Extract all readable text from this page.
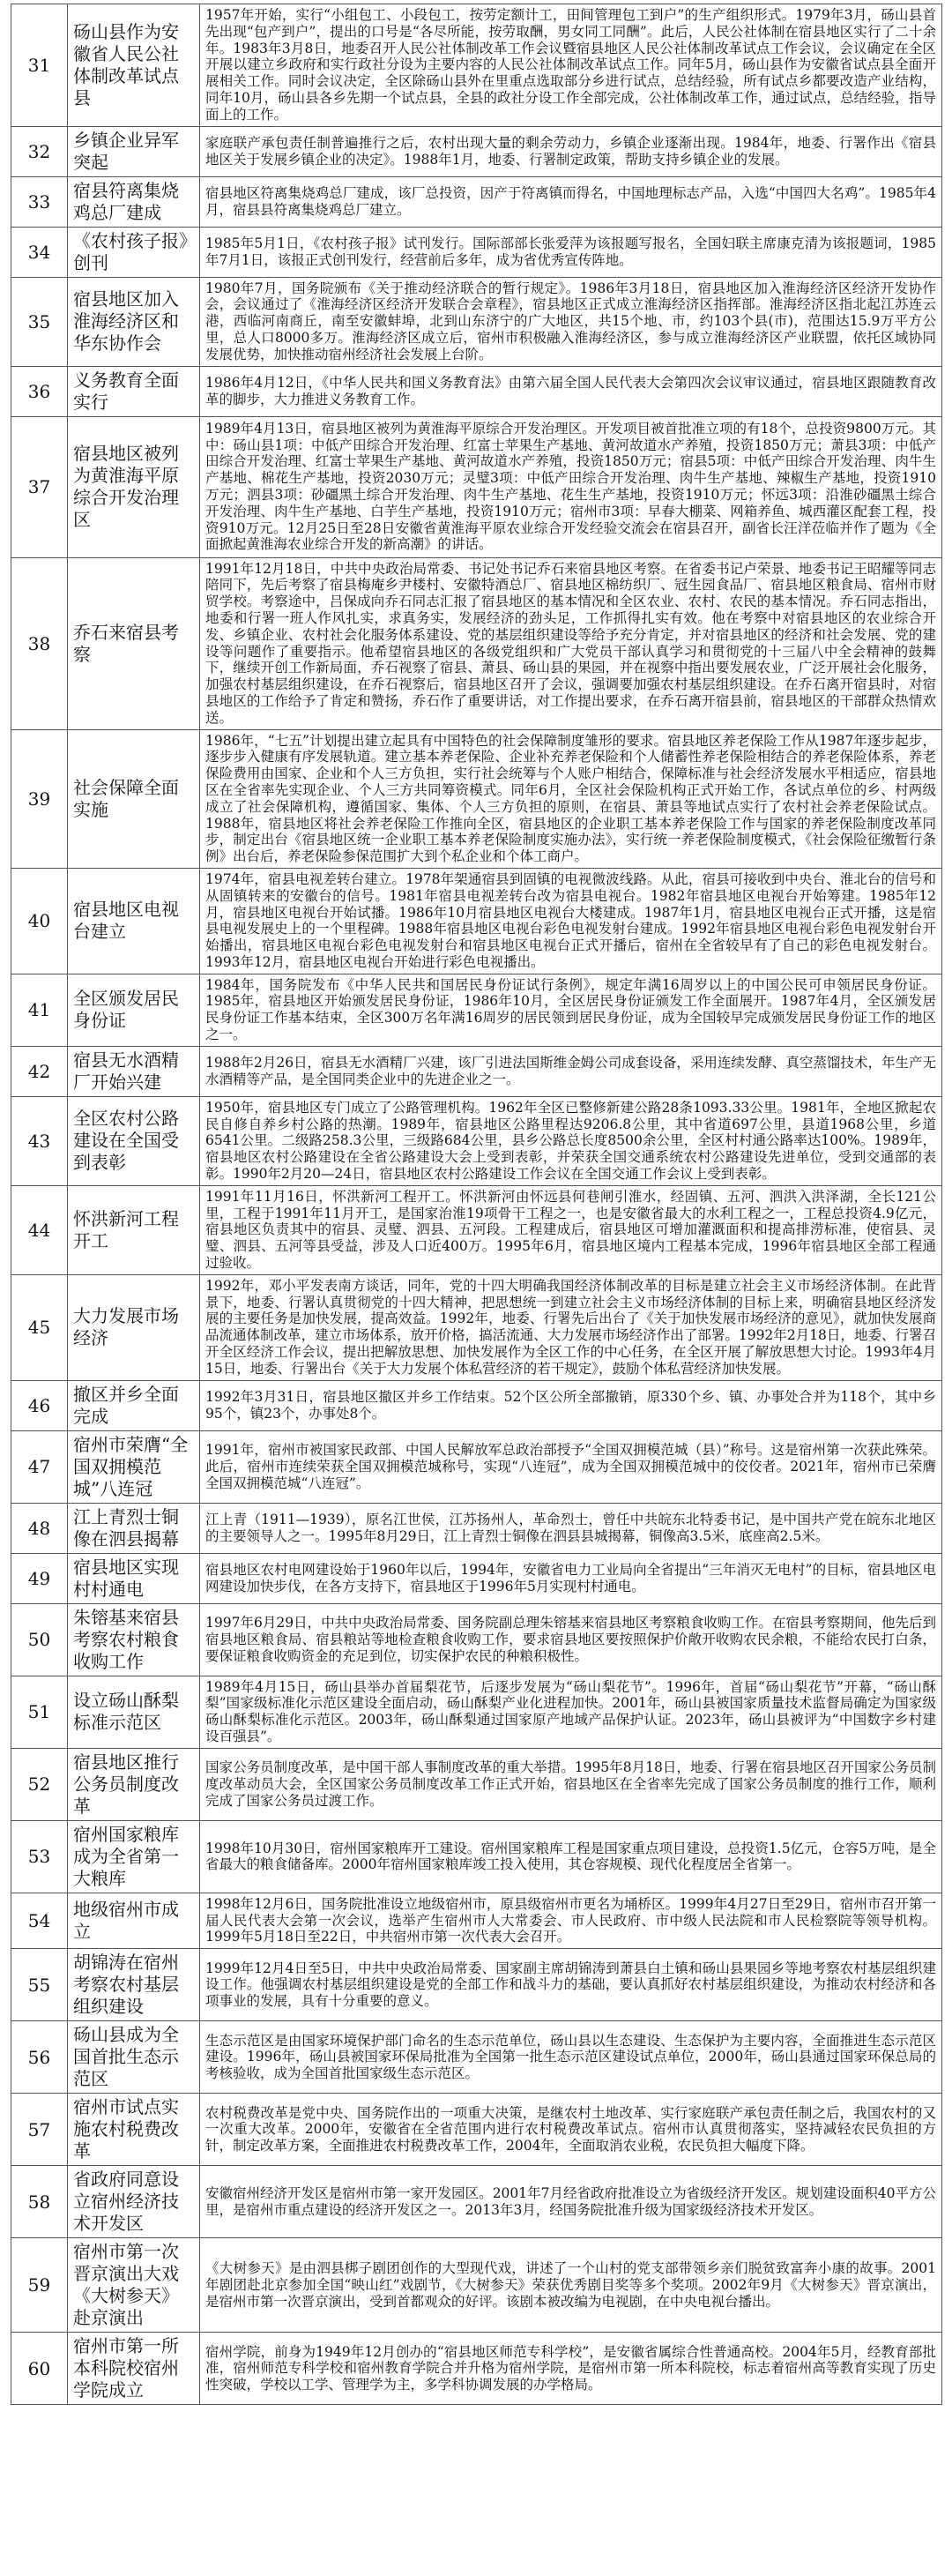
31	砀山县作为安徽省人民公社体制改革试点县	1957年开始，实行“小组包工、小段包工，按劳定额计工，田间管理包工到户”的生产组织形式。1979年3月，砀山县首先出现“包产到户”，提出的口号是“各尽所能，按劳取酬，男女同工同酬”。此后，人民公社体制在宿县地区实行了二十余年。1983年3月8日，地委召开人民公社体制改革工作会议暨宿县地区人民公社体制改革试点工作会议，会议确定在全区开展以建立乡政府和实行政社分设为主要内容的人民公社体制改革试点工作。同年5月，砀山县作为安徽省试点县全面开展相关工作。同时会议决定，全区除砀山县外在里重点选取部分乡进行试点，总结经验，所有试点乡都要改造产业结构，同年10月，砀山县各乡先期一个试点县，全县的政社分设工作全部完成，公社体制改革工作，通过试点，总结经验，指导面上的工作。
32	乡镇企业异军突起	家庭联产承包责任制普遍推行之后，农村出现大量的剩余劳动力，乡镇企业逐渐出现。1984年，地委、行署作出《宿县地区关于发展乡镇企业的决定》。1988年1月，地委、行署制定政策，帮助支持乡镇企业的发展。
33	宿县符离集烧鸡总厂建成	宿县地区符离集烧鸡总厂建成，该厂总投资，因产于符离镇而得名，中国地理标志产品，入选“中国四大名鸡”。1985年4月，宿县县符离集烧鸡总厂建立。
34	《农村孩子报》创刊	1985年5月1日，《农村孩子报》试刊发行。国际部部长张爱萍为该报题写报名，全国妇联主席康克清为该报题词，1985年7月1日，该报正式创刊发行，经营前后多年，成为省优秀宣传阵地。
35	宿县地区加入淮海经济区和华东协作会	1980年7月，国务院颁布《关于推动经济联合的暂行规定》。1986年3月18日，宿县地区加入淮海经济区经济开发协作会，会议通过了《淮海经济区经济开发联合会章程》，宿县地区正式成立淮海经济区指挥部。淮海经济区指北起江苏连云港，西临河南商丘，南至安徽蚌埠，北到山东济宁的广大地区，共15个地、市，约103个县(市)，范围达15.9万平方公里，总人口8000多万。淮海经济区成立后，宿州市积极融入淮海经济区，参与成立淮海经济区产业联盟，依托区域协同发展优势，加快推动宿州经济社会发展上台阶。
36	义务教育全面实行	1986年4月12日，《中华人民共和国义务教育法》由第六届全国人民代表大会第四次会议审议通过，宿县地区跟随教育改革的脚步，大力推进义务教育工作。
37	宿县地区被列为黄淮海平原综合开发治理区	1989年4月13日，宿县地区被列为黄淮海平原综合开发治理区。开发项目被首批准立项的有18个，总投资9800万元。其中：砀山县1项：中低产田综合开发治理、红富士苹果生产基地、黄河故道水产养殖，投资1850万元；萧县3项：中低产田综合开发治理、红富士苹果生产基地、黄河故道水产养殖，投资1850万元；宿县5项：中低产田综合开发治理、肉牛生产基地、棉花生产基地，投资2030万元；灵璧3项：中低产田综合开发治理、肉牛生产基地、辣椒生产基地，投资1910万元；泗县3项：砂礓黑土综合开发治理、肉牛生产基地、花生生产基地，投资1910万元；怀远3项：沿淮砂礓黑土综合开发治理、肉牛生产基地、白芋生产基地，投资1910万元；宿州市3项：早春大棚菜、网箱养鱼、城西灌区配套工程，投资910万元。12月25日至28日安徽省黄淮海平原农业综合开发经验交流会在宿县召开，副省长汪洋莅临并作了题为《全面掀起黄淮海农业综合开发的新高潮》的讲话。
38	乔石来宿县考察	1991年12月18日，中共中央政治局常委、书记处书记乔石来宿县地区考察。在省委书记卢荣景、地委书记王昭耀等同志陪同下，先后考察了宿县梅庵乡尹楼村、安徽特酒总厂、宿县地区棉纺织厂、冠生园食品厂、宿县地区粮食局、宿州市财贸学校。考察途中，吕保成向乔石同志汇报了宿县地区的基本情况和全区农业、农村、农民的基本情况。乔石同志指出，地委和行署一班人作风扎实，求真务实，发展经济的劲头足，工作抓得扎实有效。他在考察中对宿县地区的农业综合开发、乡镇企业、农村社会化服务体系建设、党的基层组织建设等给予充分肯定，并对宿县地区的经济和社会发展、党的建设等问题作了重要指示。他希望宿县地区的各级党组织和广大党员干部认真学习和贯彻党的十三届八中全会精神的鼓舞下，继续开创工作新局面，乔石视察了宿县、萧县、砀山县的果园，并在视察中指出要发展农业，广泛开展社会化服务，加强农村基层组织建设，在乔石视察后，宿县地区召开了会议，强调要加强农村基层组织建设。在乔石离开宿县时，对宿县地区的工作给予了肯定和赞扬，乔石作了重要讲话，对工作提出要求，在乔石离开宿县前，宿县地区的干部群众热情欢送。
39	社会保障全面实施	1986年，“七五”计划提出建立起具有中国特色的社会保障制度雏形的要求。宿县地区养老保险工作从1987年逐步起步，逐步步入健康有序发展轨道。建立基本养老保险、企业补充养老保险和个人储蓄性养老保险相结合的养老保险体系，养老保险费用由国家、企业和个人三方负担，实行社会统筹与个人账户相结合，保障标准与社会经济发展水平相适应，宿县地区在全省率先实现企业、个人三方共同筹资模式。同年6月，全区社会保险机构正式开始工作，各试点单位的乡、村两级成立了社会保障机构，遵循国家、集体、个人三方负担的原则，在宿县、萧县等地试点实行了农村社会养老保险试点。1988年，宿县地区将社会养老保险工作推向全区，宿县地区的企业职工基本养老保险工作与国家的养老保险制度改革同步，制定出台《宿县地区统一企业职工基本养老保险制度实施办法》，实行统一养老保险制度模式，《社会保险征缴暂行条例》出台后，养老保险参保范围扩大到个私企业和个体工商户。
40	宿县地区电视台建立	1974年，宿县电视差转台建立。1978年架通宿县到固镇的电视微波线路。从此，宿县可接收到中央台、淮北台的信号和从固镇转来的安徽台的信号。1981年宿县电视差转台改为宿县电视台。1982年宿县地区电视台开始筹建。1985年12月，宿县地区电视台开始试播。1986年10月宿县地区电视台大楼建成。1987年1月，宿县地区电视台正式开播，这是宿县电视发展史上的一个里程碑。1988年宿县地区电视台彩色电视发射台建成。1992年宿县地区电视台彩色电视发射台开始播出，宿县地区电视台彩色电视发射台和宿县地区电视台正式开播后，宿州在全省较早有了自己的彩色电视发射台。1993年12月，宿县地区电视台开始进行彩色电视播出。
41	全区颁发居民身份证	1984年，国务院发布《中华人民共和国居民身份证试行条例》，规定年满16周岁以上的中国公民可申领居民身份证。1985年，宿县地区开始颁发居民身份证，1986年10月，全区居民身份证颁发工作全面展开。1987年4月，全区颁发居民身份证工作基本结束，全区300万名年满16周岁的居民领到居民身份证，成为全国较早完成颁发居民身份证工作的地区之一。
42	宿县无水酒精厂开始兴建	1988年2月26日，宿县无水酒精厂兴建，该厂引进法国斯维金姆公司成套设备，采用连续发酵、真空蒸馏技术，年生产无水酒精等产品，是全国同类企业中的先进企业之一。
43	全区农村公路建设在全国受到表彰	1950年，宿县地区专门成立了公路管理机构。1962年全区已整修新建公路28条1093.33公里。1981年，全地区掀起农民自修自养乡村公路的热潮。1989年，宿县地区公路里程达9206.8公里，其中省道697公里，县道1968公里，乡道6541公里。二级路258.3公里，三级路684公里，县乡公路总长度8500余公里，全区村村通公路率达100%。1989年，宿县地区农村公路建设在全省公路建设大会上受到表彰，并荣获全国交通系统农村公路建设先进单位，受到交通部的表彰。1990年2月20—24日，宿县地区农村公路建设工作会议在全国交通工作会议上受到表彰。
44	怀洪新河工程开工	1991年11月16日，怀洪新河工程开工。怀洪新河由怀远县何巷闸引淮水，经固镇、五河、泗洪入洪泽湖，全长121公里，工程于1991年11月开工，是国家治淮19项骨干工程之一，也是安徽省最大的水利工程之一，工程总投资4.9亿元，宿县地区负责其中的宿县、灵璧、泗县、五河段。工程建成后，宿县地区可增加灌溉面积和提高排涝标准，使宿县、灵璧、泗县、五河等县受益，涉及人口近400万。1995年6月，宿县地区境内工程基本完成，1996年宿县地区全部工程通过验收。
45	大力发展市场经济	1992年，邓小平发表南方谈话，同年，党的十四大明确我国经济体制改革的目标是建立社会主义市场经济体制。在此背景下，地委、行署认真贯彻党的十四大精神，把思想统一到建立社会主义市场经济体制的目标上来，明确宿县地区经济发展的主要任务是加快发展，提高效益。1992年，地委、行署先后出台了《关于加快发展市场经济的意见》，就加快发展商品流通体制改革，建立市场体系，放开价格，搞活流通、大力发展市场经济作出了部署。1992年2月18日，地委、行署召开全区经济工作会议，提出把解放思想、加快发展作为全区工作的中心任务，在全区开展了解放思想大讨论。1993年4月15日，地委、行署出台《关于大力发展个体私营经济的若干规定》，鼓励个体私营经济加快发展。
46	撤区并乡全面完成	1992年3月31日，宿县地区撤区并乡工作结束。52个区公所全部撤销，原330个乡、镇、办事处合并为118个，其中乡95个，镇23个，办事处8个。
47	宿州市荣膺“全国双拥模范城”八连冠	1991年，宿州市被国家民政部、中国人民解放军总政治部授予“全国双拥模范城（县）”称号。这是宿州第一次获此殊荣。此后，宿州市连续荣获全国双拥模范城称号，实现“八连冠”，成为全国双拥模范城中的佼佼者。2021年，宿州市已荣膺全国双拥模范城“八连冠”。
48	江上青烈士铜像在泗县揭幕	江上青（1911—1939），原名江世侯，江苏扬州人，革命烈士，曾任中共皖东北特委书记，是中国共产党在皖东北地区的主要领导人之一。1995年8月29日，江上青烈士铜像在泗县县城揭幕，铜像高3.5米，底座高2.5米。
49	宿县地区实现村村通电	宿县地区农村电网建设始于1960年以后，1994年，安徽省电力工业局向全省提出“三年消灭无电村”的目标，宿县地区电网建设加快步伐，在各方支持下，宿县地区于1996年5月实现村村通电。
50	朱镕基来宿县考察农村粮食收购工作	1997年6月29日，中共中央政治局常委、国务院副总理朱镕基来宿县地区考察粮食收购工作。在宿县考察期间，他先后到宿县地区粮食局、宿县粮站等地检查粮食收购工作，要求宿县地区要按照保护价敞开收购农民余粮，不能给农民打白条，要保证粮食收购资金的充足到位，切实保护农民的种粮积极性。
51	设立砀山酥梨标准示范区	1989年4月15日，砀山县举办首届梨花节，后逐步发展为“砀山梨花节”。1996年，首届“砀山梨花节”开幕，“砀山酥梨”国家级标准化示范区建设全面启动，砀山酥梨产业化进程加快。2001年，砀山县被国家质量技术监督局确定为国家级砀山酥梨标准化示范区。2003年，砀山酥梨通过国家原产地域产品保护认证。2023年，砀山县被评为“中国数字乡村建设百强县”。
52	宿县地区推行公务员制度改革	国家公务员制度改革，是中国干部人事制度改革的重大举措。1995年8月18日，地委、行署在宿县地区召开国家公务员制度改革动员大会，全区国家公务员制度改革工作正式开始，宿县地区在全省率先完成了国家公务员制度的推行工作，顺利完成了国家公务员过渡工作。
53	宿州国家粮库成为全省第一大粮库	1998年10月30日，宿州国家粮库开工建设。宿州国家粮库工程是国家重点项目建设，总投资1.5亿元，仓容5万吨，是全省最大的粮食储备库。2000年宿州国家粮库竣工投入使用，其仓容规模、现代化程度居全省第一。
54	地级宿州市成立	1998年12月6日，国务院批准设立地级宿州市，原县级宿州市更名为埇桥区。1999年4月27日至29日，宿州市召开第一届人民代表大会第一次会议，选举产生宿州市人大常委会、市人民政府、市中级人民法院和市人民检察院等领导机构。1999年5月18日至22日，中共宿州市第一次代表大会召开。
55	胡锦涛在宿州考察农村基层组织建设	1999年12月4日至5日，中共中央政治局常委、国家副主席胡锦涛到萧县白土镇和砀山县果园乡等地考察农村基层组织建设工作。他强调农村基层组织建设是党的全部工作和战斗力的基础，要认真抓好农村基层组织建设，为推动农村经济和各项事业的发展，具有十分重要的意义。
56	砀山县成为全国首批生态示范区	生态示范区是由国家环境保护部门命名的生态示范单位，砀山县以生态建设、生态保护为主要内容，全面推进生态示范区建设。1996年，砀山县被国家环保局批准为全国第一批生态示范区建设试点单位，2000年，砀山县通过国家环保总局的考核验收，成为全国首批国家级生态示范区。
57	宿州市试点实施农村税费改革	农村税费改革是党中央、国务院作出的一项重大决策，是继农村土地改革、实行家庭联产承包责任制之后，我国农村的又一次重大改革。2000年，安徽省在全省范围内进行农村税费改革试点。宿州市认真贯彻落实，坚持减轻农民负担的方针，制定改革方案，全面推进农村税费改革工作，2004年，全面取消农业税，农民负担大幅度下降。
58	省政府同意设立宿州经济技术开发区	安徽宿州经济开发区是宿州市第一家开发园区。2001年7月经省政府批准设立为省级经济开发区。规划建设面积40平方公里，是宿州市重点建设的经济开发区之一。2013年3月，经国务院批准升级为国家级经济技术开发区。
59	宿州市第一次晋京演出大戏《大树参天》赴京演出	《大树参天》是由泗县梆子剧团创作的大型现代戏，讲述了一个山村的党支部带领乡亲们脱贫致富奔小康的故事。2001年剧团赴北京参加全国“映山红”戏剧节，《大树参天》荣获优秀剧目奖等多个奖项。2002年9月《大树参天》晋京演出，是宿州市第一次晋京演出，受到首都观众的好评。该剧本被改编为电视剧，在中央电视台播出。
60	宿州市第一所本科院校宿州学院成立	宿州学院，前身为1949年12月创办的“宿县地区师范专科学校”，是安徽省属综合性普通高校。2004年5月，经教育部批准，宿州师范专科学校和宿州教育学院合并升格为宿州学院，是宿州市第一所本科院校，标志着宿州高等教育实现了历史性突破，学校以工学、管理学为主，多学科协调发展的办学格局。
